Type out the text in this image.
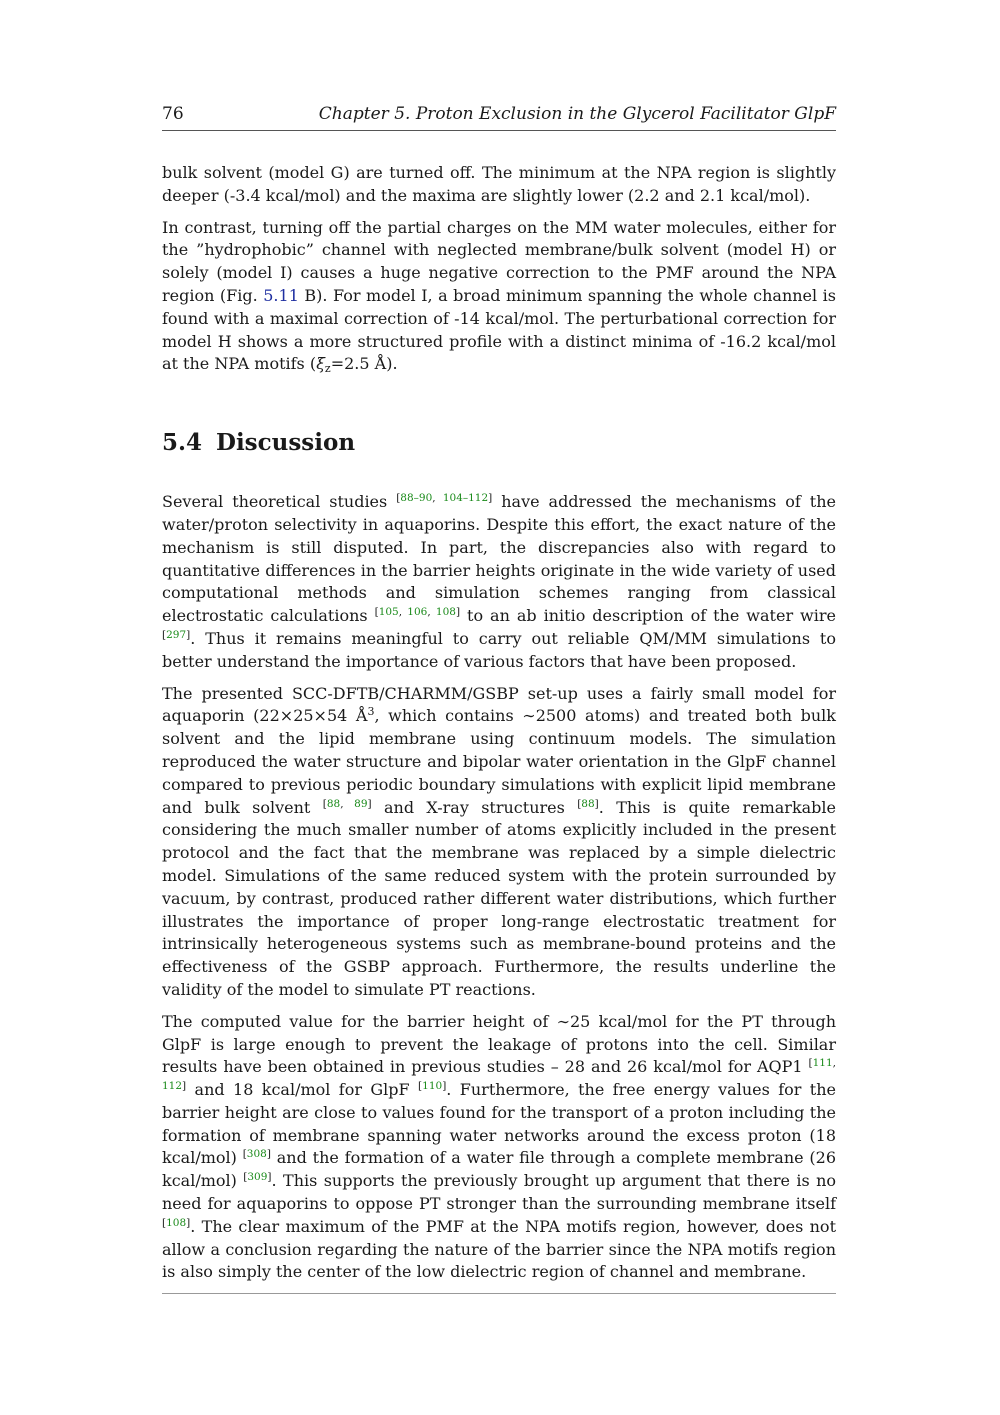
76	Chapter 5. Proton Exclusion in the Glycerol Facilitator GlpF

bulk solvent (model G) are turned off. The minimum at the NPA region is slightly deeper (-3.4 kcal/mol) and the maxima are slightly lower (2.2 and 2.1 kcal/mol).

In contrast, turning off the partial charges on the MM water molecules, either for the ”hydrophobic” channel with neglected membrane/bulk solvent (model H) or solely (model I) causes a huge negative correction to the PMF around the NPA region (Fig. 5.11 B). For model I, a broad minimum spanning the whole channel is found with a maximal correction of -14 kcal/mol. The perturbational correction for model H shows a more structured profile with a distinct minima of -16.2 kcal/mol at the NPA motifs ($\xi_z=2.5$ Å).

5.4 Discussion

Several theoretical studies [88–90, 104–112] have addressed the mechanisms of the water/proton selectivity in aquaporins. Despite this effort, the exact nature of the mechanism is still disputed. In part, the discrepancies also with regard to quantitative differences in the barrier heights originate in the wide variety of used computational methods and simulation schemes ranging from classical electrostatic calculations [105, 106, 108] to an ab initio description of the water wire [297]. Thus it remains meaningful to carry out reliable QM/MM simulations to better understand the importance of various factors that have been proposed.

The presented SCC-DFTB/CHARMM/GSBP set-up uses a fairly small model for aquaporin (22×25×54 $Å^3$, which contains ∼2500 atoms) and treated both bulk solvent and the lipid membrane using continuum models. The simulation reproduced the water structure and bipolar water orientation in the GlpF channel compared to previous periodic boundary simulations with explicit lipid membrane and bulk solvent [88, 89] and X-ray structures [88]. This is quite remarkable considering the much smaller number of atoms explicitly included in the present protocol and the fact that the membrane was replaced by a simple dielectric model. Simulations of the same reduced system with the protein surrounded by vacuum, by contrast, produced rather different water distributions, which further illustrates the importance of proper long-range electrostatic treatment for intrinsically heterogeneous systems such as membrane-bound proteins and the effectiveness of the GSBP approach. Furthermore, the results underline the validity of the model to simulate PT reactions.

The computed value for the barrier height of ∼25 kcal/mol for the PT through GlpF is large enough to prevent the leakage of protons into the cell. Similar results have been obtained in previous studies – 28 and 26 kcal/mol for AQP1 [111, 112] and 18 kcal/mol for GlpF [110]. Furthermore, the free energy values for the barrier height are close to values found for the transport of a proton including the formation of membrane spanning water networks around the excess proton (18 kcal/mol) [308] and the formation of a water file through a complete membrane (26 kcal/mol) [309]. This supports the previously brought up argument that there is no need for aquaporins to oppose PT stronger than the surrounding membrane itself [108]. The clear maximum of the PMF at the NPA motifs region, however, does not allow a conclusion regarding the nature of the barrier since the NPA motifs region is also simply the center of the low dielectric region of channel and membrane.
